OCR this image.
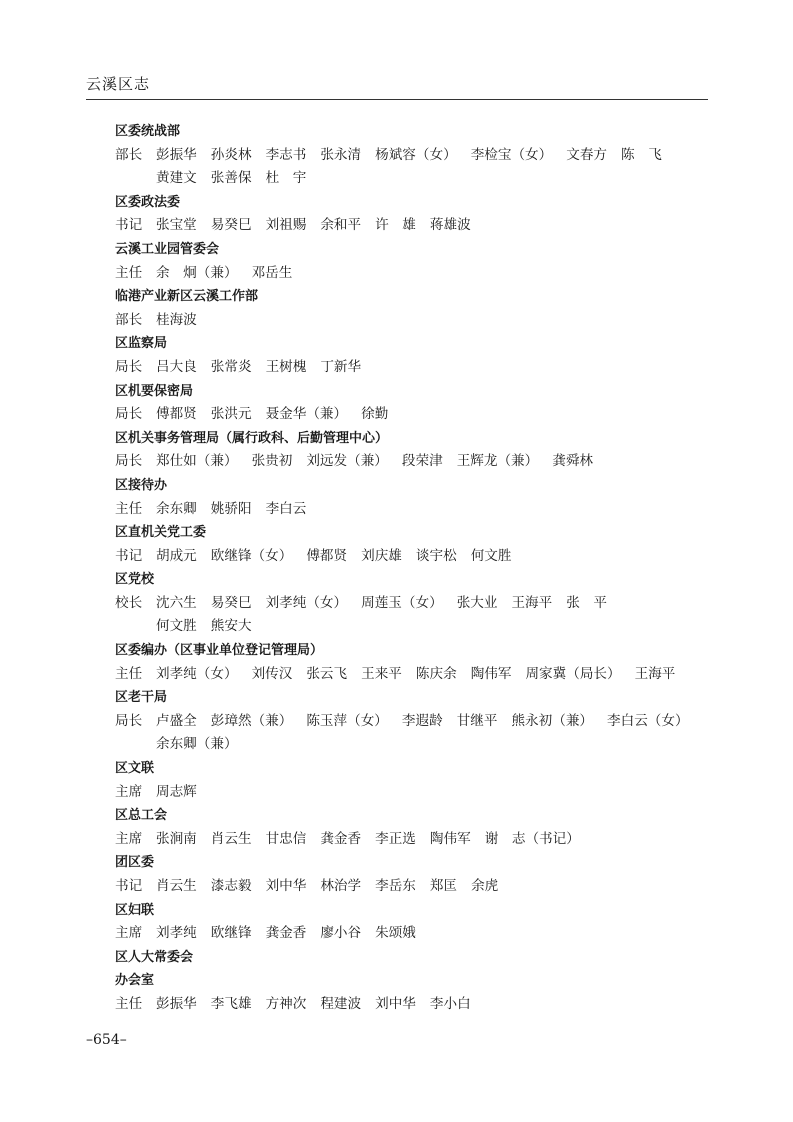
云溪区志
区委统战部
部长 彭振华 孙炎林 李志书 张永清 杨斌容（女） 李检宝（女） 文春方 陈　飞
黄建文 张善保 杜　宇
区委政法委
书记 张宝堂 易癸巳 刘祖赐 余和平 许　雄 蒋雄波
云溪工业园管委会
主任 余　炯（兼） 邓岳生
临港产业新区云溪工作部
部长 桂海波
区监察局
局长 吕大良 张常炎 王树槐 丁新华
区机要保密局
局长 傅都贤 张洪元 聂金华（兼） 徐勤
区机关事务管理局（属行政科、后勤管理中心）
局长 郑仕如（兼） 张贵初 刘远发（兼） 段荣津 王辉龙（兼） 龚舜林
区接待办
主任 余东卿 姚骄阳 李白云
区直机关党工委
书记 胡成元 欧继锋（女） 傅都贤 刘庆雄 谈宇松 何文胜
区党校
校长 沈六生 易癸巳 刘孝纯（女） 周莲玉（女） 张大业 王海平 张　平
何文胜 熊安大
区委编办（区事业单位登记管理局）
主任 刘孝纯（女） 刘传汉 张云飞 王来平 陈庆余 陶伟军 周家冀（局长） 王海平
区老干局
局长 卢盛全 彭璋然（兼） 陈玉萍（女） 李遐龄 甘继平 熊永初（兼） 李白云（女）
余东卿（兼）
区文联
主席 周志辉
区总工会
主席 张涧南 肖云生 甘忠信 龚金香 李正选 陶伟军 谢　志（书记）
团区委
书记 肖云生 漆志毅 刘中华 林治学 李岳东 郑匡 余虎
区妇联
主席 刘孝纯 欧继锋 龚金香 廖小谷 朱颂娥
区人大常委会
办会室
主任 彭振华 李飞雄 方神次 程建波 刘中华 李小白
–654–
